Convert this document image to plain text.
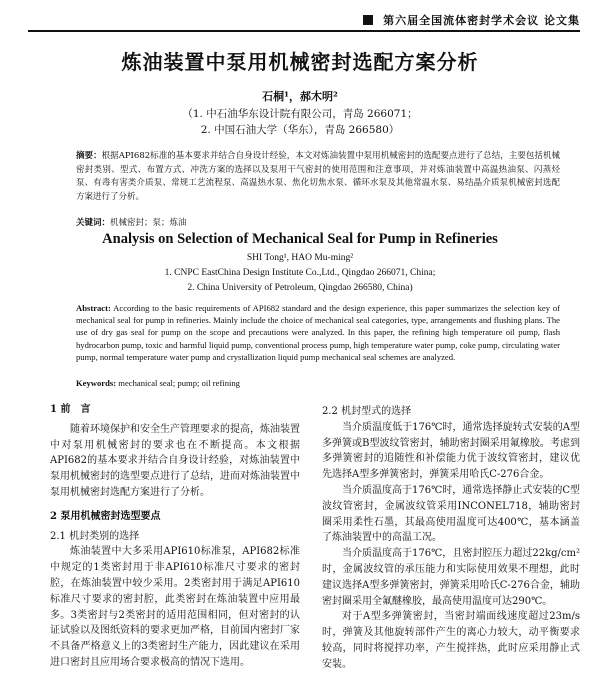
第六届全国流体密封学术会议 论文集
炼油装置中泵用机械密封选配方案分析
石桐¹，郝木明²
（1. 中石油华东设计院有限公司，青岛 266071；
2. 中国石油大学（华东），青岛 266580）
摘要：根据API682标准的基本要求并结合自身设计经验，本文对炼油装置中泵用机械密封的选配要点进行了总结，主要包括机械密封类别、型式、布置方式、冲洗方案的选择以及泵用干气密封的使用范围和注意事项，并对炼油装置中高温热油泵、闪蒸烃泵、有毒有害类介质泵、常规工艺流程泵、高温热水泵、焦化切焦水泵、循环水泵及其他常温水泵、易结晶介质泵机械密封选配方案进行了分析。
关键词：机械密封；泵；炼油
Analysis on Selection of Mechanical Seal for Pump in Refineries
SHI Tong¹, HAO Mu-ming²
1. CNPC EastChina Design Institute Co.,Ltd., Qingdao 266071, China;
2. China University of Petroleum, Qingdao 266580, China)
Abstract: According to the basic requirements of API682 standard and the design experience, this paper summarizes the selection key of mechanical seal for pump in refineries. Mainly include the choice of mechanical seal categories, type, arrangements and flushing plans. The use of dry gas seal for pump on the scope and precautions were analyzed. In this paper, the refining high temperature oil pump, flash hydrocarbon pump, toxic and harmful liquid pump, conventional process pump, high temperature water pump, coke pump, circulating water pump, normal temperature water pump and crystallization liquid pump mechanical seal schemes are analyzed.
Keywords: mechanical seal; pump; oil refining

1 前　言

随着环境保护和安全生产管理要求的提高，炼油装置中对泵用机械密封的要求也在不断提高。本文根据API682的基本要求并结合自身设计经验，对炼油装置中泵用机械密封的选型要点进行了总结，进而对炼油装置中泵用机械密封选配方案进行了分析。

2 泵用机械密封选型要点

2.1 机封类别的选择

炼油装置中大多采用API610标准泵，API682标准中规定的1类密封用于非API610标准尺寸要求的密封腔，在炼油装置中较少采用。2类密封用于满足API610标准尺寸要求的密封腔，此类密封在炼油装置中应用最多。3类密封与2类密封的适用范围相同，但对密封的认证试验以及图纸资料的要求更加严格，目前国内密封厂家不具备严格意义上的3类密封生产能力，因此建议在采用进口密封且应用场合要求极高的情况下选用。

2.2 机封型式的选择

当介质温度低于176℃时，通常选择旋转式安装的A型多弹簧或B型波纹管密封，辅助密封圈采用氟橡胶。考虑到多弹簧密封的追随性和补偿能力优于波纹管密封，建议优先选择A型多弹簧密封，弹簧采用哈氏C-276合金。

当介质温度高于176℃时，通常选择静止式安装的C型波纹管密封，金属波纹管采用INCONEL718，辅助密封圈采用柔性石墨，其最高使用温度可达400℃，基本涵盖了炼油装置中的高温工况。

当介质温度高于176℃，且密封腔压力超过22kg/cm²时，金属波纹管的承压能力和实际使用效果不理想，此时建议选择A型多弹簧密封，弹簧采用哈氏C-276合金，辅助密封圈采用全氟醚橡胶，最高使用温度可达290℃。

对于A型多弹簧密封，当密封端面线速度超过23m/s时，弹簧及其他旋转部件产生的离心力较大，动平衡要求较高，同时将搅拌功率，产生搅拌热，此时应采用静止式安装。
